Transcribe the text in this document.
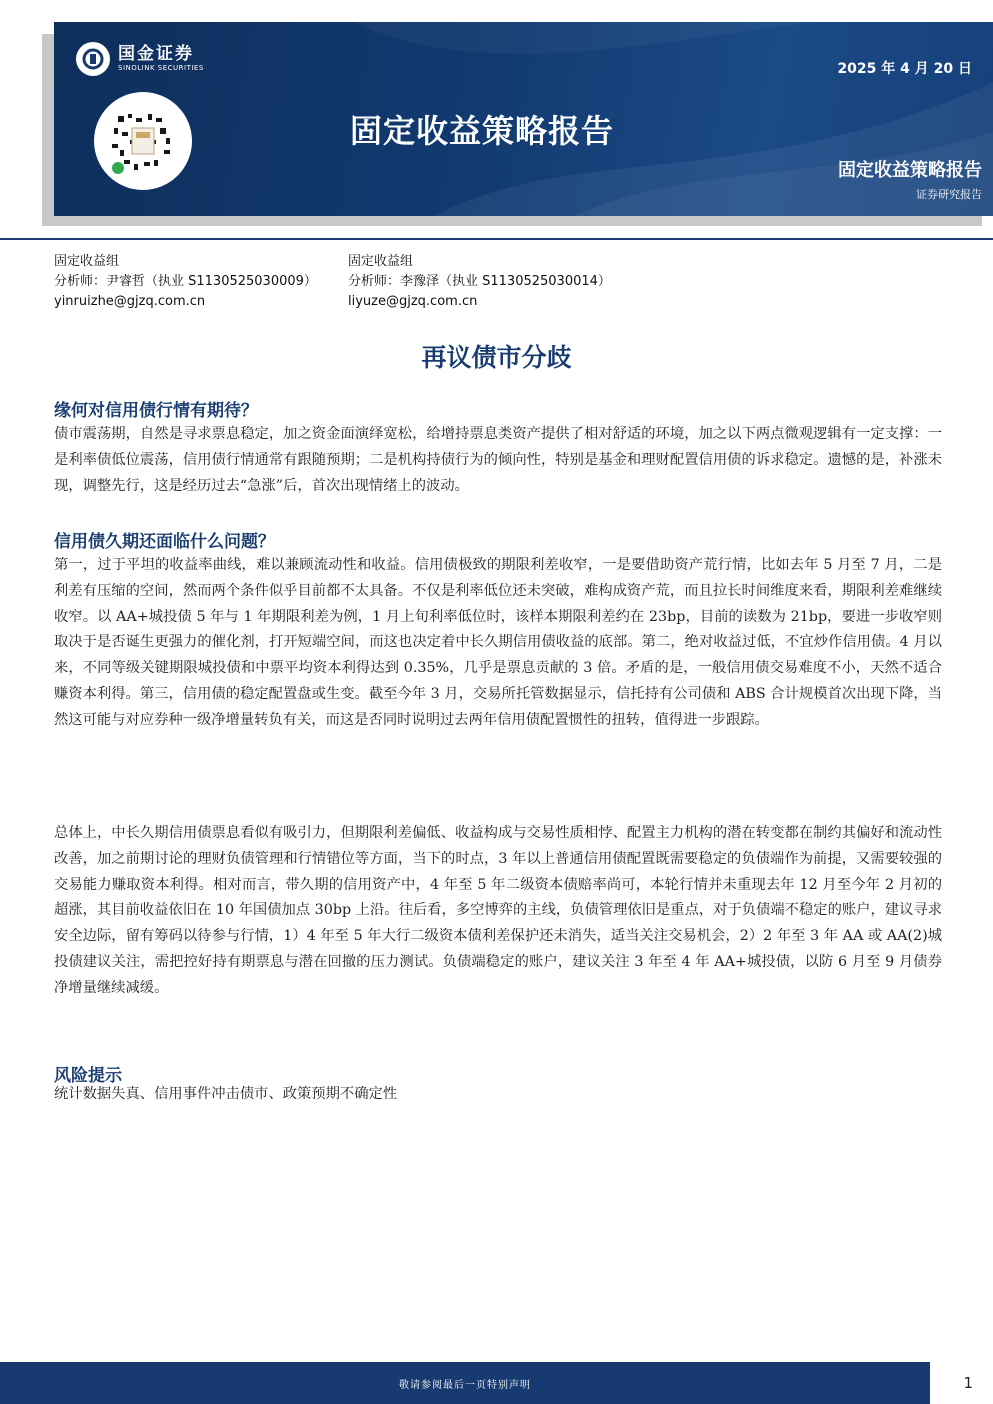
国金证券
SINOLINK SECURITIES
固定收益策略报告
2025 年 4 月 20 日
固定收益策略报告
证券研究报告
固定收益组
分析师：尹睿哲（执业 S1130525030009）
yinruizhe@gjzq.com.cn
固定收益组
分析师：李豫泽（执业 S1130525030014）
liyuze@gjzq.com.cn
再议债市分歧
缘何对信用债行情有期待？
债市震荡期，自然是寻求票息稳定，加之资金面演绎宽松，给增持票息类资产提供了相对舒适的环境，加之以下两点微观逻辑有一定支撑：一是利率债低位震荡，信用债行情通常有跟随预期；二是机构持债行为的倾向性，特别是基金和理财配置信用债的诉求稳定。遗憾的是，补涨未现，调整先行，这是经历过去“急涨”后，首次出现情绪上的波动。
信用债久期还面临什么问题？
第一，过于平坦的收益率曲线，难以兼顾流动性和收益。信用债极致的期限利差收窄，一是要借助资产荒行情，比如去年 5 月至 7 月，二是利差有压缩的空间，然而两个条件似乎目前都不太具备。不仅是利率低位还未突破，难构成资产荒，而且拉长时间维度来看，期限利差难继续收窄。以 AA+城投债 5 年与 1 年期限利差为例，1 月上旬利率低位时，该样本期限利差约在 23bp，目前的读数为 21bp，要进一步收窄则取决于是否诞生更强力的催化剂，打开短端空间，而这也决定着中长久期信用债收益的底部。第二，绝对收益过低，不宜炒作信用债。4 月以来，不同等级关键期限城投债和中票平均资本利得达到 0.35%，几乎是票息贡献的 3 倍。矛盾的是，一般信用债交易难度不小，天然不适合赚资本利得。第三，信用债的稳定配置盘或生变。截至今年 3 月，交易所托管数据显示，信托持有公司债和 ABS 合计规模首次出现下降，当然这可能与对应券种一级净增量转负有关，而这是否同时说明过去两年信用债配置惯性的扭转，值得进一步跟踪。
总体上，中长久期信用债票息看似有吸引力，但期限利差偏低、收益构成与交易性质相悖、配置主力机构的潜在转变都在制约其偏好和流动性改善，加之前期讨论的理财负债管理和行情错位等方面，当下的时点，3 年以上普通信用债配置既需要稳定的负债端作为前提，又需要较强的交易能力赚取资本利得。相对而言，带久期的信用资产中，4 年至 5 年二级资本债赔率尚可，本轮行情并未重现去年 12 月至今年 2 月初的超涨，其目前收益依旧在 10 年国债加点 30bp 上沿。往后看，多空博弈的主线，负债管理依旧是重点，对于负债端不稳定的账户，建议寻求安全边际，留有筹码以待参与行情，1）4 年至 5 年大行二级资本债利差保护还未消失，适当关注交易机会，2）2 年至 3 年 AA 或 AA(2)城投债建议关注，需把控好持有期票息与潜在回撤的压力测试。负债端稳定的账户，建议关注 3 年至 4 年 AA+城投债，以防 6 月至 9 月债券净增量继续减缓。
风险提示
统计数据失真、信用事件冲击债市、政策预期不确定性
敬请参阅最后一页特别声明	1
